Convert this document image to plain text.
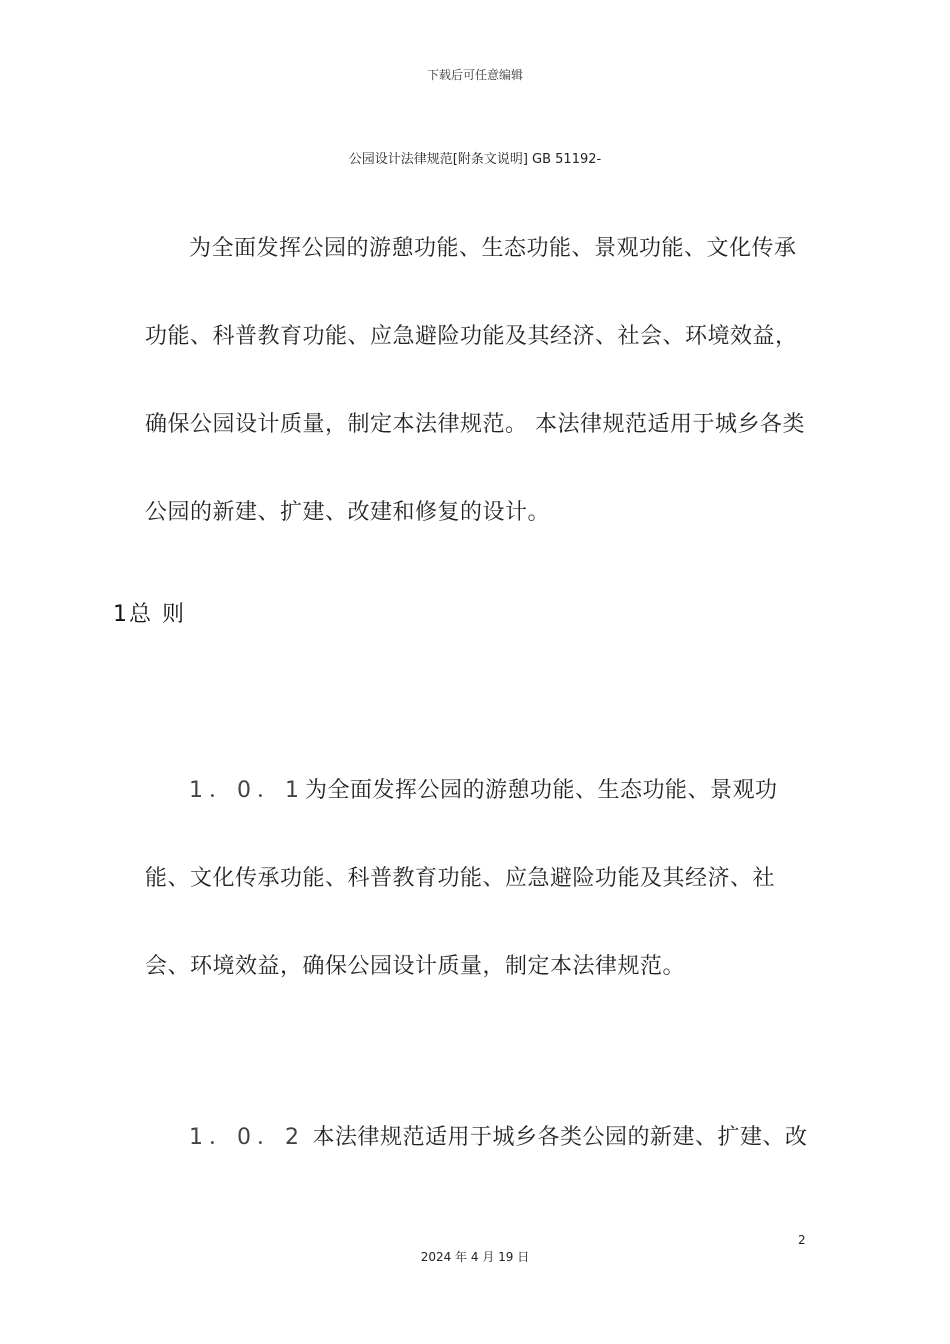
下载后可任意编辑
公园设计法律规范[附条文说明] GB 51192-

为全面发挥公园的游憩功能、生态功能、景观功能、文化传承功能、科普教育功能、应急避险功能及其经济、社会、环境效益，确保公园设计质量，制定本法律规范。 本法律规范适用于城乡各类公园的新建、扩建、改建和修复的设计。

1总 则

1．0．1为全面发挥公园的游憩功能、生态功能、景观功能、文化传承功能、科普教育功能、应急避险功能及其经济、社会、环境效益，确保公园设计质量，制定本法律规范。

1．0．2 本法律规范适用于城乡各类公园的新建、扩建、改

2
2024 年 4 月 19 日
